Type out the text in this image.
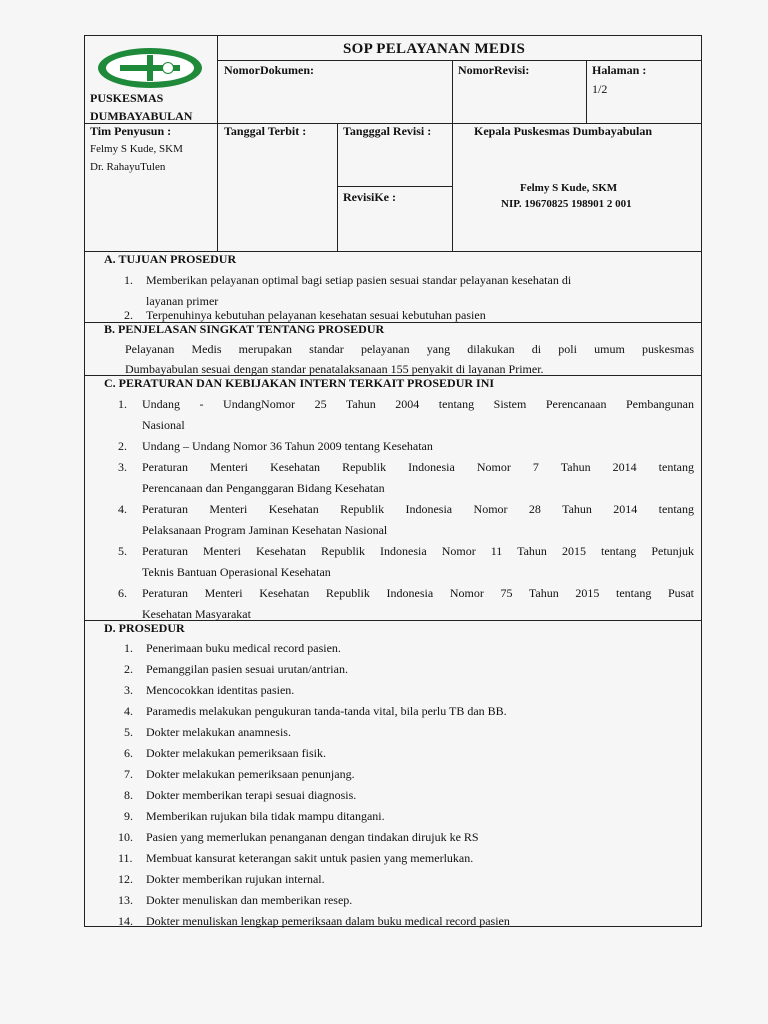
SOP PELAYANAN MEDIS
PUSKESMAS
DUMBAYABULAN
NomorDokumen:	NomorRevisi:	Halaman :
1/2
Tim Penyusun :
Felmy S Kude, SKM
Dr. RahayuTulen
Tanggal Terbit :	Tangggal Revisi :
RevisiKe :
Kepala Puskesmas Dumbayabulan
Felmy S Kude, SKM
NIP. 19670825 198901 2 001
A. TUJUAN PROSEDUR
1. Memberikan pelayanan optimal bagi setiap pasien sesuai standar pelayanan kesehatan di
layanan primer
2. Terpenuhinya kebutuhan pelayanan kesehatan sesuai kebutuhan pasien
B. PENJELASAN SINGKAT TENTANG PROSEDUR
Pelayanan Medis merupakan standar pelayanan yang dilakukan di poli umum puskesmas
Dumbayabulan sesuai dengan standar penatalaksanaan 155 penyakit di layanan Primer.
C. PERATURAN DAN KEBIJAKAN INTERN TERKAIT PROSEDUR INI
1. Undang - UndangNomor 25 Tahun 2004 tentang Sistem Perencanaan Pembangunan
Nasional
2. Undang – Undang Nomor 36 Tahun 2009 tentang Kesehatan
3. Peraturan Menteri Kesehatan Republik Indonesia Nomor 7 Tahun 2014 tentang
Perencanaan dan Penganggaran Bidang Kesehatan
4. Peraturan Menteri Kesehatan Republik Indonesia Nomor 28 Tahun 2014 tentang
Pelaksanaan Program Jaminan Kesehatan Nasional
5. Peraturan Menteri Kesehatan Republik Indonesia Nomor 11 Tahun 2015 tentang Petunjuk
Teknis Bantuan Operasional Kesehatan
6. Peraturan Menteri Kesehatan Republik Indonesia Nomor 75 Tahun 2015 tentang Pusat
Kesehatan Masyarakat
D. PROSEDUR
1. Penerimaan buku medical record pasien.
2. Pemanggilan pasien sesuai urutan/antrian.
3. Mencocokkan identitas pasien.
4. Paramedis melakukan pengukuran tanda-tanda vital, bila perlu TB dan BB.
5. Dokter melakukan anamnesis.
6. Dokter melakukan pemeriksaan fisik.
7. Dokter melakukan pemeriksaan penunjang.
8. Dokter memberikan terapi sesuai diagnosis.
9. Memberikan rujukan bila tidak mampu ditangani.
10. Pasien yang memerlukan penanganan dengan tindakan dirujuk ke RS
11. Membuat kansurat keterangan sakit untuk pasien yang memerlukan.
12. Dokter memberikan rujukan internal.
13. Dokter menuliskan dan memberikan resep.
14. Dokter menuliskan lengkap pemeriksaan dalam buku medical record pasien
